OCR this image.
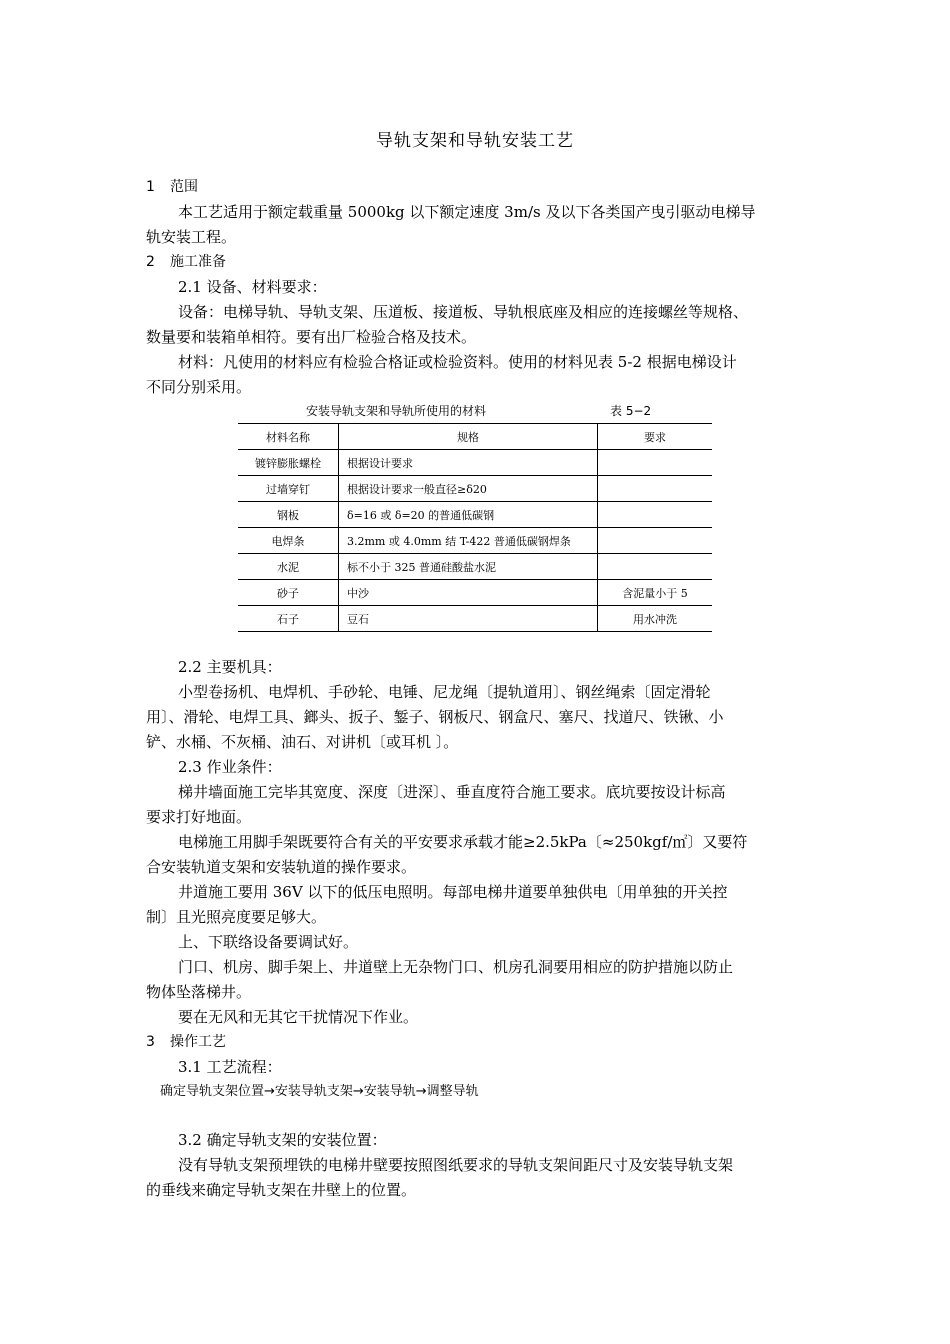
导轨支架和导轨安装工艺
1 范围
本工艺适用于额定载重量 5000kg 以下额定速度 3m/s 及以下各类国产曳引驱动电梯导
轨安装工程。
2 施工准备
2.1 设备、材料要求：
设备：电梯导轨、导轨支架、压道板、接道板、导轨根底座及相应的连接螺丝等规格、
数量要和装箱单相符。要有出厂检验合格及技术。
材料：凡使用的材料应有检验合格证或检验资料。使用的材料见表 5-2 根据电梯设计
不同分别采用。
安装导轨支架和导轨所使用的材料	表 5−2
材料名称	规格	要求
镀锌膨胀螺栓	根据设计要求	
过墙穿钉	根据设计要求一般直径≥δ20	
钢板	δ=16 或 δ=20 的普通低碳钢	
电焊条	3.2mm 或 4.0mm 结 T-422 普通低碳钢焊条	
水泥	标不小于 325 普通硅酸盐水泥	
砂子	中沙	含泥量小于 5
石子	豆石	用水冲洗
2.2 主要机具：
小型卷扬机、电焊机、手砂轮、电锤、尼龙绳〔提轨道用〕、钢丝绳索〔固定滑轮
用〕、滑轮、电焊工具、鎯头、扳子、錾子、钢板尺、钢盒尺、塞尺、找道尺、铁锹、小
铲、水桶、不灰桶、油石、对讲机〔或耳机 〕。
2.3 作业条件：
梯井墙面施工完毕其宽度、深度〔进深〕、垂直度符合施工要求。底坑要按设计标高
要求打好地面。
电梯施工用脚手架既要符合有关的平安要求承载才能≥2.5kPa〔≈250kgf/㎡〕又要符
合安装轨道支架和安装轨道的操作要求。
井道施工要用 36V 以下的低压电照明。每部电梯井道要单独供电〔用单独的开关控
制〕且光照亮度要足够大。
上、下联络设备要调试好。
门口、机房、脚手架上、井道壁上无杂物门口、机房孔洞要用相应的防护措施以防止
物体坠落梯井。
要在无风和无其它干扰情况下作业。
3 操作工艺
3.1 工艺流程：
确定导轨支架位置→安装导轨支架→安装导轨→调整导轨
3.2 确定导轨支架的安装位置：
没有导轨支架预埋铁的电梯井壁要按照图纸要求的导轨支架间距尺寸及安装导轨支架
的垂线来确定导轨支架在井壁上的位置。
